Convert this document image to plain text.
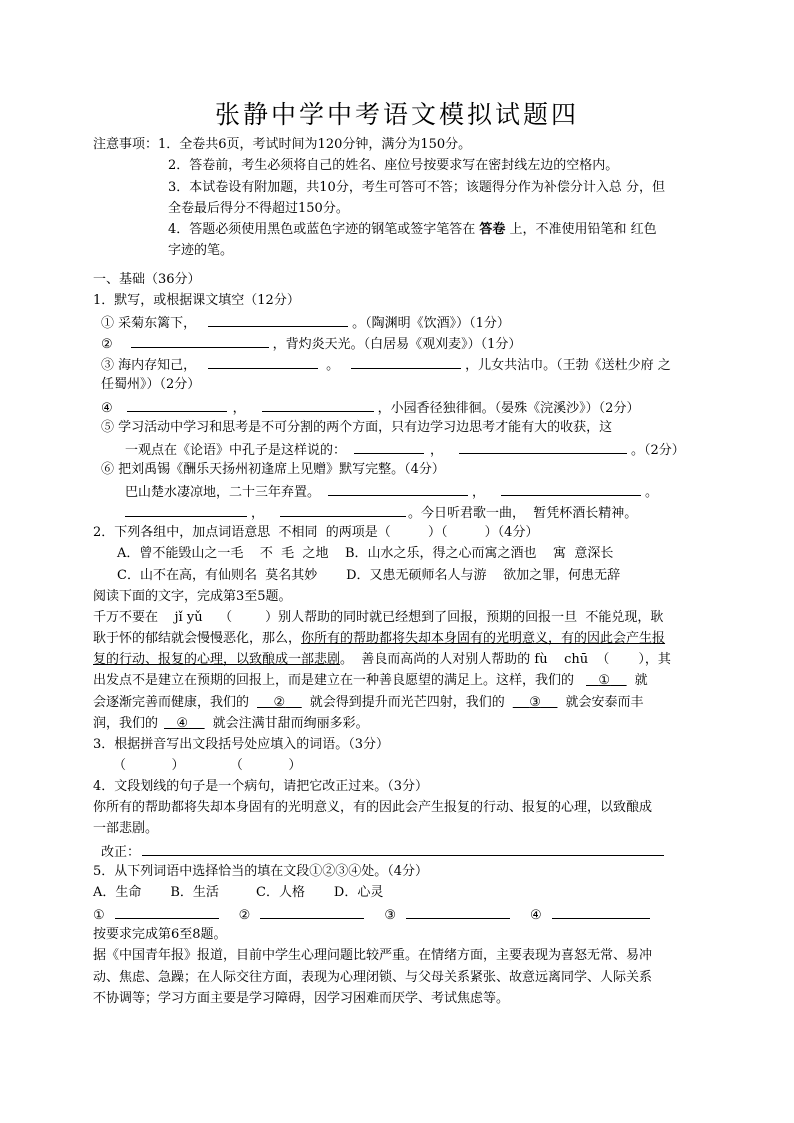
张静中学中考语文模拟试题四
注意事项：1．全卷共6页，考试时间为120分钟，满分为150分。
2．答卷前，考生必须将自己的姓名、座位号按要求写在密封线左边的空格内。
3．本试卷设有附加题，共10分，考生可答可不答；该题得分作为补偿分计入总 分，但
全卷最后得分不得超过150分。
4．答题必须使用黑色或蓝色字迹的钢笔或签字笔答在 答卷 上，不准使用铅笔和 红色
字迹的笔。
一、基础（36分）
1．默写，或根据课文填空（12分）
① 采菊东篱下，	。（陶渊明《饮酒》）（1分）
②	，背灼炎天光。（白居易《观刈麦》）（1分）
③ 海内存知己，	。	，儿女共沾巾。（王勃《送杜少府 之
任蜀州》）（2分）
④	，	，小园香径独徘徊。（晏殊《浣溪沙》）（2分）
⑤ 学习活动中学习和思考是不可分割的两个方面，只有边学习边思考才能有大的收获，这
一观点在《论语》中孔子是这样说的：	，	。（2分）
⑥ 把刘禹锡《酬乐天扬州初逢席上见赠》默写完整。（4分）
巴山楚水凄凉地，二十三年弃置。	，	。
，	。今日听君歌一曲，  暂凭杯酒长精神。
2．下列各组中，加点词语意思  不相同  的两项是（         ）（         ）（4分）
A．曾不能毁山之一毛    不  毛  之地    B．山水之乐，得之心而寓之酒也    寓  意深长
C．山不在高，有仙则名  莫名其妙       D．又患无硕师名人与游    欲加之罪，何患无辞
阅读下面的文字，完成第3至5题。
千万不要在    jǐ yǔ    （        ）别人帮助的同时就已经想到了回报，预期的回报一旦  不能兑现，耿
耿于怀的郁结就会慢慢恶化，那么，你所有的帮助都将失却本身固有的光明意义，有的因此会产生报
复的行动、报复的心理，以致酿成一部悲剧。  善良而高尚的人对别人帮助的 fù    chū  （       ），其
出发点不是建立在预期的回报上，而是建立在一种善良愿望的满足上。这样，我们的 ① 就
会逐渐完善而健康，我们的 ② 就会得到提升而光芒四射，我们的 ③ 就会安泰而丰
润，我们的 ④ 就会注满甘甜而绚丽多彩。
3．根据拼音写出文段括号处应填入的词语。（3分）
（           ）           （           ）
4．文段划线的句子是一个病句，请把它改正过来。（3分）
你所有的帮助都将失却本身固有的光明意义，有的因此会产生报复的行动、报复的心理，以致酿成
一部悲剧。
改正：
5．从下列词语中选择恰当的填在文段①②③④处。（4分）
A．生命       B．生活         C．人格       D．心灵
①	②	③	④
按要求完成第6至8题。
据《中国青年报》报道，目前中学生心理问题比较严重。在情绪方面，主要表现为喜怒无常、易冲
动、焦虑、急躁；在人际交往方面，表现为心理闭锁、与父母关系紧张、故意远离同学、人际关系
不协调等；学习方面主要是学习障碍，因学习困难而厌学、考试焦虑等。
